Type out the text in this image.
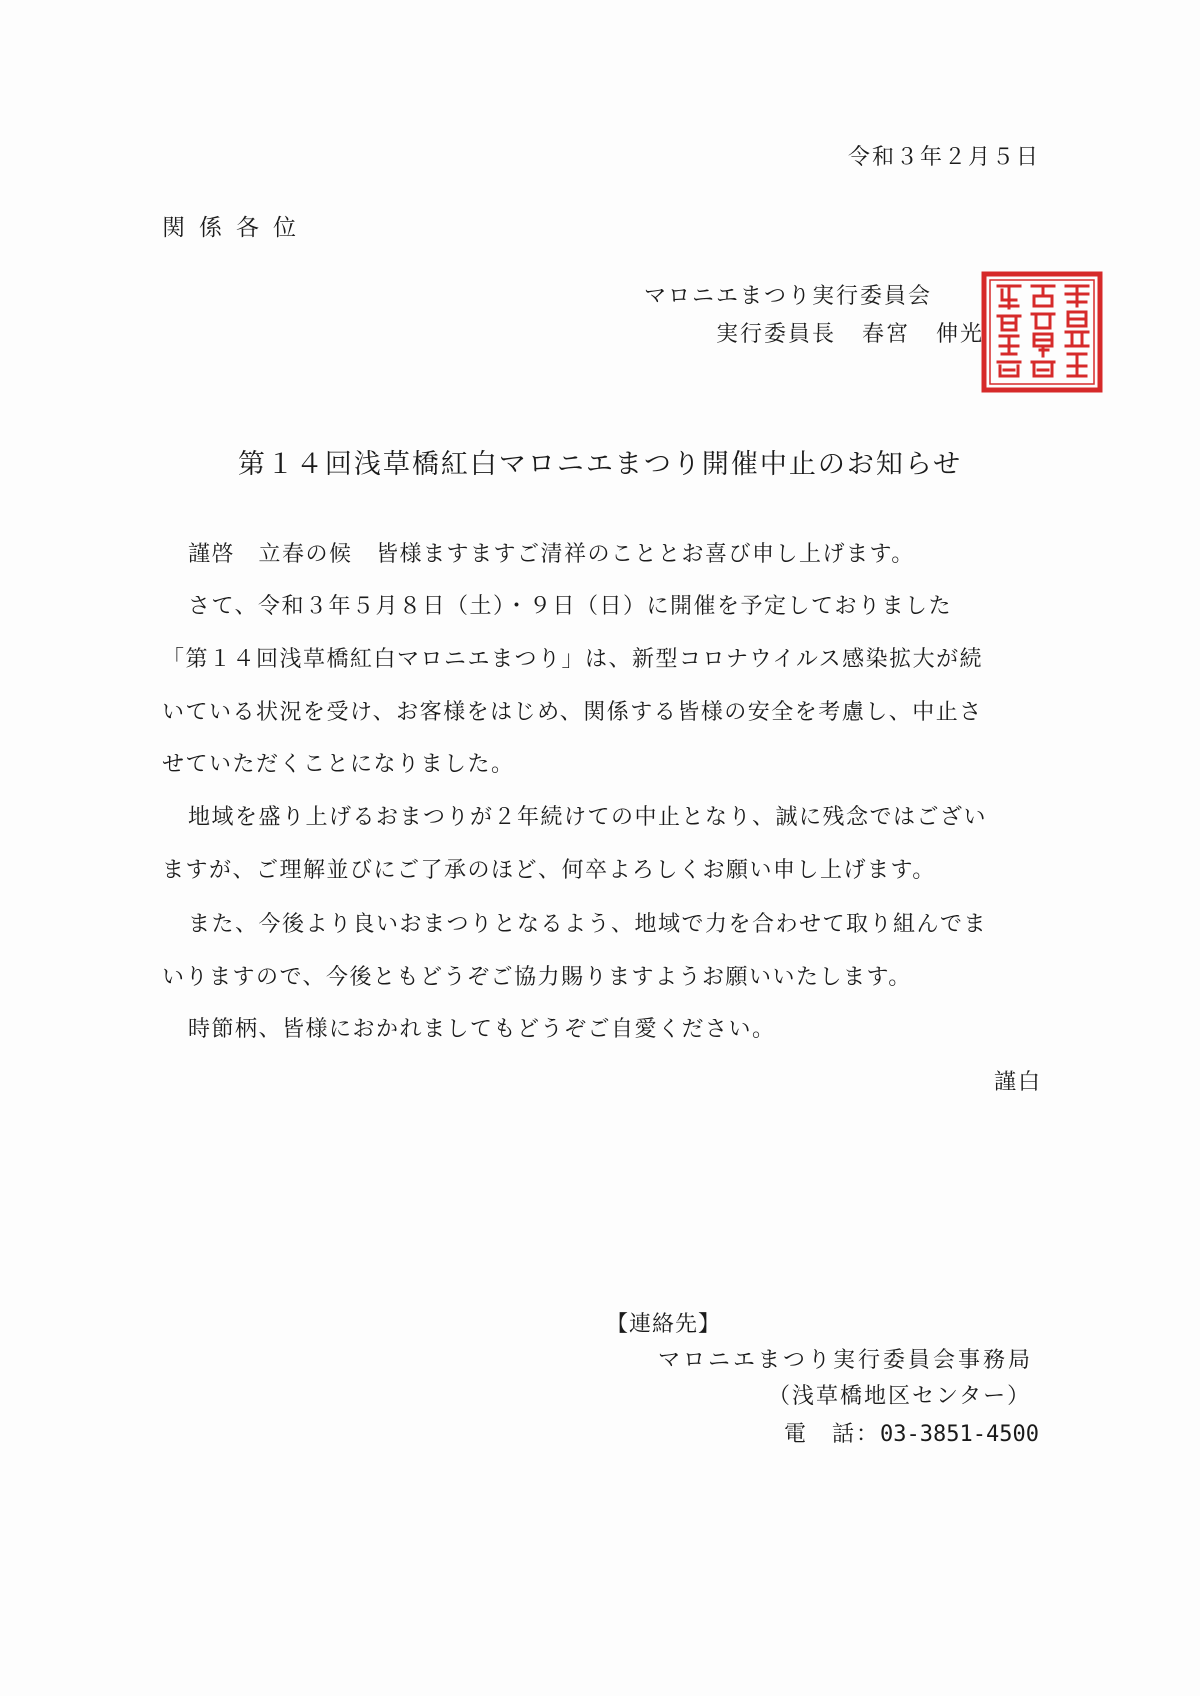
令和３年２月５日
関係各位
マロニエまつり実行委員会
実行委員長 春宮 伸光
第１４回浅草橋紅白マロニエまつり開催中止のお知らせ
謹啓　立春の候　皆様ますますご清祥のこととお喜び申し上げます。
さて、令和３年５月８日（土）・９日（日）に開催を予定しておりました
「第１４回浅草橋紅白マロニエまつり」は、新型コロナウイルス感染拡大が続
いている状況を受け、お客様をはじめ、関係する皆様の安全を考慮し、中止さ
せていただくことになりました。
地域を盛り上げるおまつりが２年続けての中止となり、誠に残念ではござい
ますが、ご理解並びにご了承のほど、何卒よろしくお願い申し上げます。
また、今後より良いおまつりとなるよう、地域で力を合わせて取り組んでま
いりますので、今後ともどうぞご協力賜りますようお願いいたします。
時節柄、皆様におかれましてもどうぞご自愛ください。
謹白
【連絡先】
マロニエまつり実行委員会事務局
（浅草橋地区センター）
電　話：03-3851-4500
